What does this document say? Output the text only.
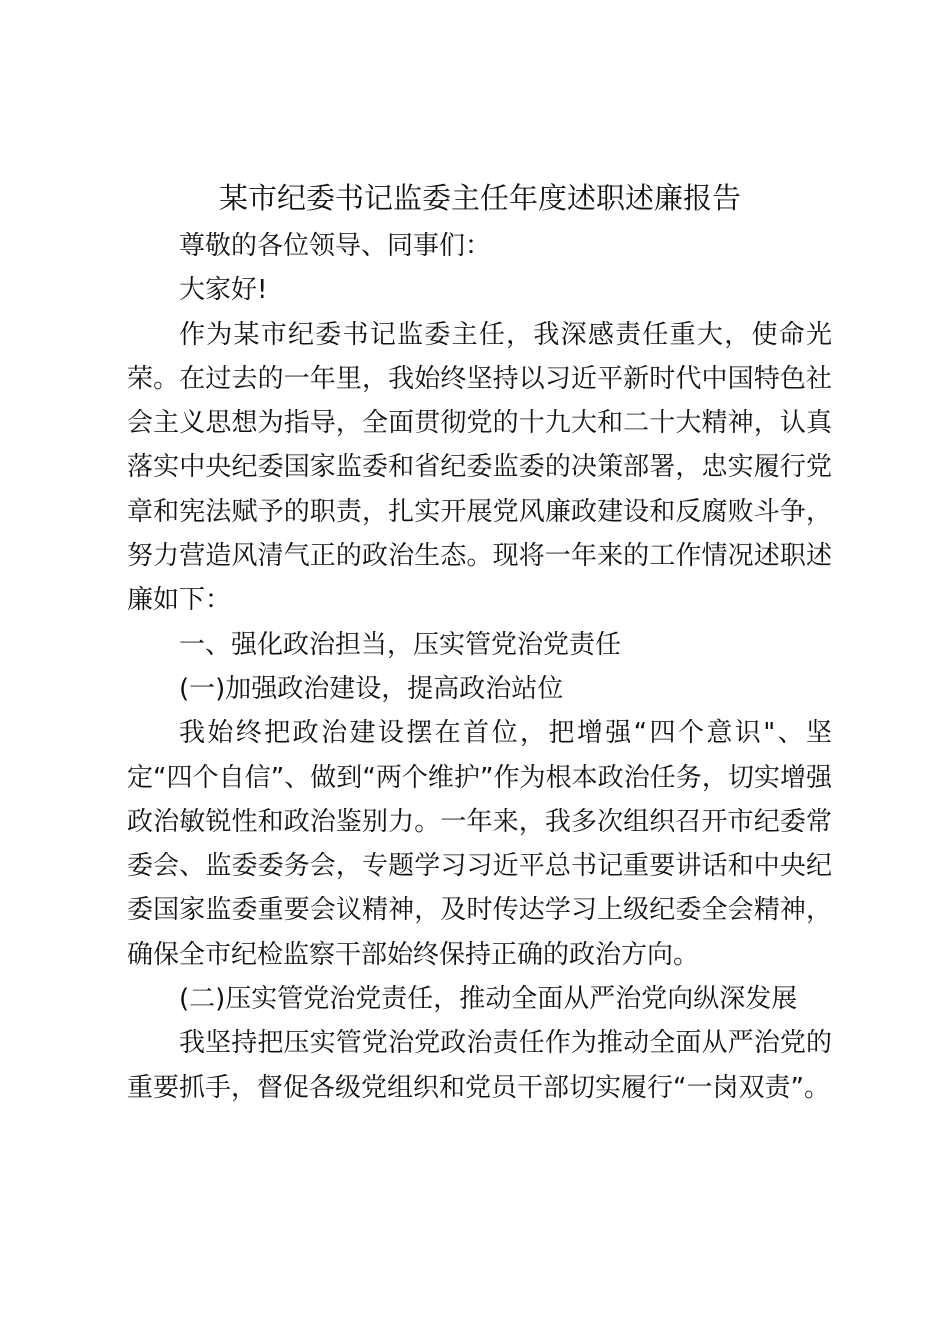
某市纪委书记监委主任年度述职述廉报告

尊敬的各位领导、同事们：

大家好!

作为某市纪委书记监委主任，我深感责任重大，使命光荣。在过去的一年里，我始终坚持以习近平新时代中国特色社会主义思想为指导，全面贯彻党的十九大和二十大精神，认真落实中央纪委国家监委和省纪委监委的决策部署，忠实履行党章和宪法赋予的职责，扎实开展党风廉政建设和反腐败斗争，努力营造风清气正的政治生态。现将一年来的工作情况述职述廉如下：

一、强化政治担当，压实管党治党责任

(一)加强政治建设，提高政治站位

我始终把政治建设摆在首位，把增强“四个意识"、坚定“四个自信”、做到“两个维护”作为根本政治任务，切实增强政治敏锐性和政治鉴别力。一年来，我多次组织召开市纪委常委会、监委委务会，专题学习习近平总书记重要讲话和中央纪委国家监委重要会议精神，及时传达学习上级纪委全会精神，确保全市纪检监察干部始终保持正确的政治方向。

(二)压实管党治党责任，推动全面从严治党向纵深发展

我坚持把压实管党治党政治责任作为推动全面从严治党的重要抓手，督促各级党组织和党员干部切实履行“一岗双责”。
